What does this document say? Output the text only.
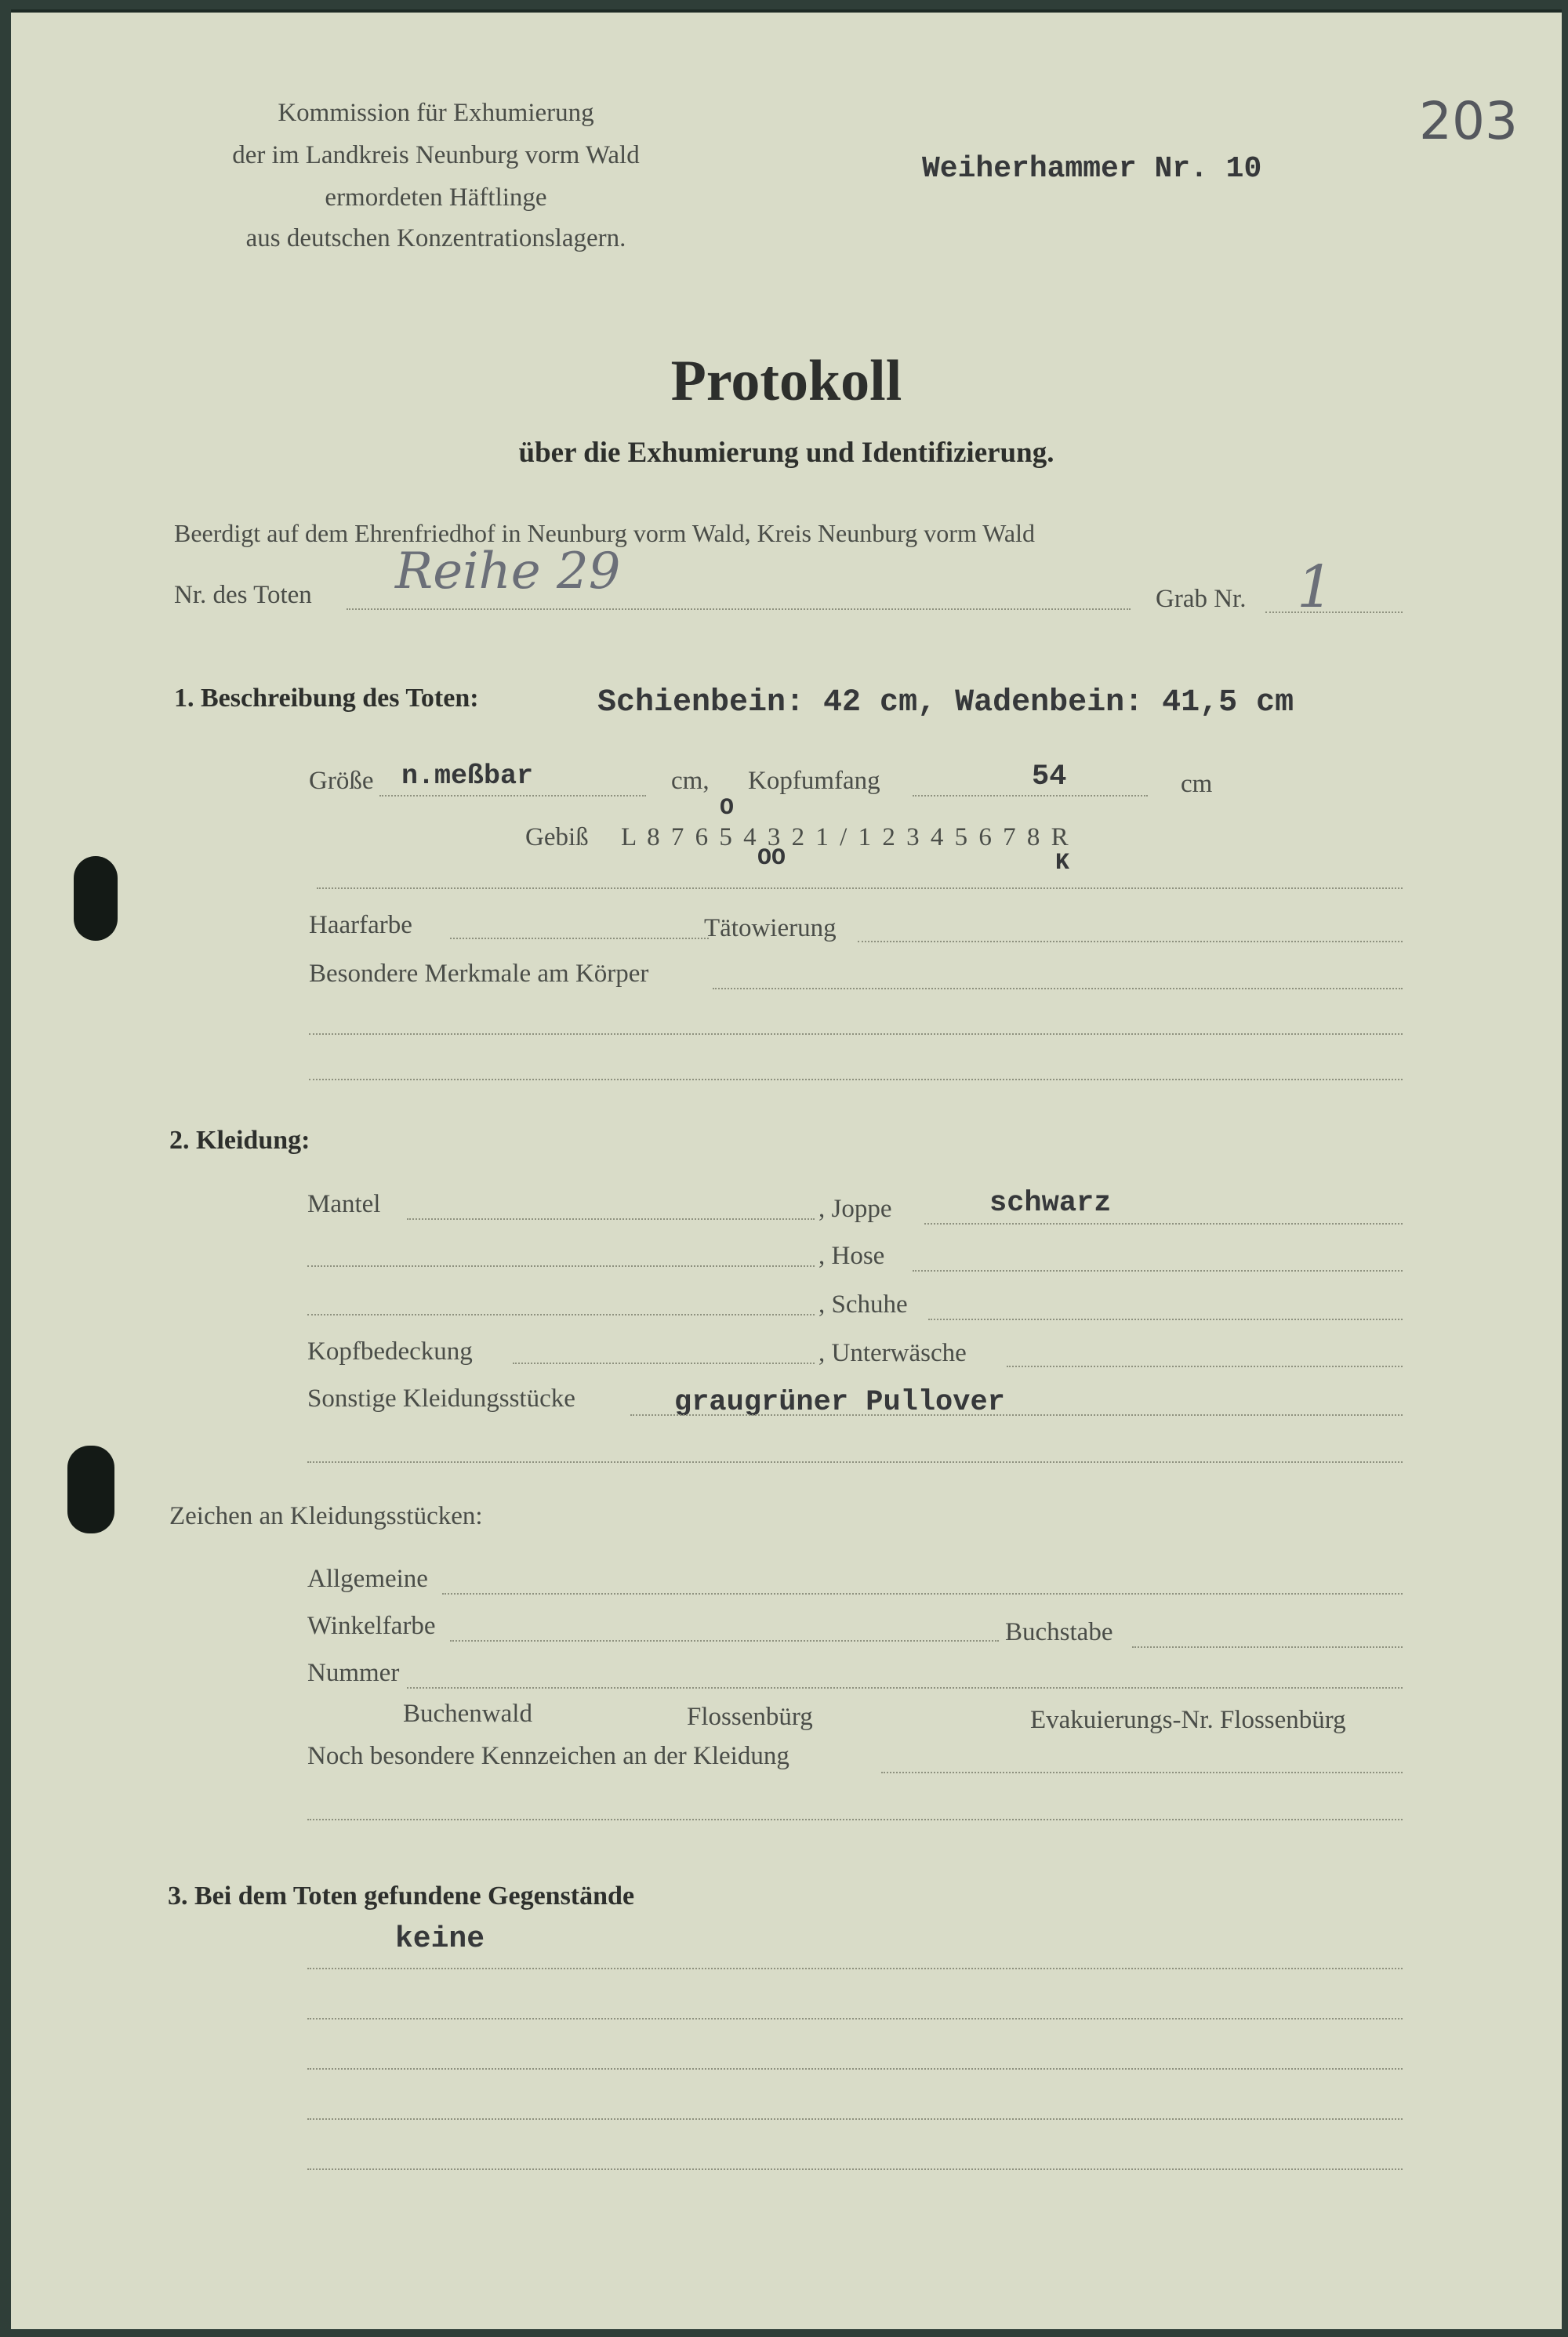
Kommission für Exhumierung
der im Landkreis Neunburg vorm Wald
ermordeten Häftlinge
aus deutschen Konzentrationslagern.
Weiherhammer Nr. 10
203
Protokoll
über die Exhumierung und Identifizierung.
Beerdigt auf dem Ehrenfriedhof in Neunburg vorm Wald, Kreis Neunburg vorm Wald
Nr. des Toten Reihe 29	Grab Nr. 1
1. Beschreibung des Toten:	Schienbein: 42 cm, Wadenbein: 41,5 cm
Größe n.meßbar	cm, Kopfumfang	54	cm
Gebiß L 8 7 6 5 4 3 2 1 / 1 2 3 4 5 6 7 8 R
O
OO	K
Haarfarbe	Tätowierung
Besondere Merkmale am Körper
2. Kleidung:
Mantel	, Joppe	schwarz
, Hose
, Schuhe
Kopfbedeckung	, Unterwäsche
Sonstige Kleidungsstücke	graugrüner Pullover
Zeichen an Kleidungsstücken:
Allgemeine
Winkelfarbe	Buchstabe
Nummer
Buchenwald	Flossenbürg	Evakuierungs-Nr. Flossenbürg
Noch besondere Kennzeichen an der Kleidung
3. Bei dem Toten gefundene Gegenstände
keine
